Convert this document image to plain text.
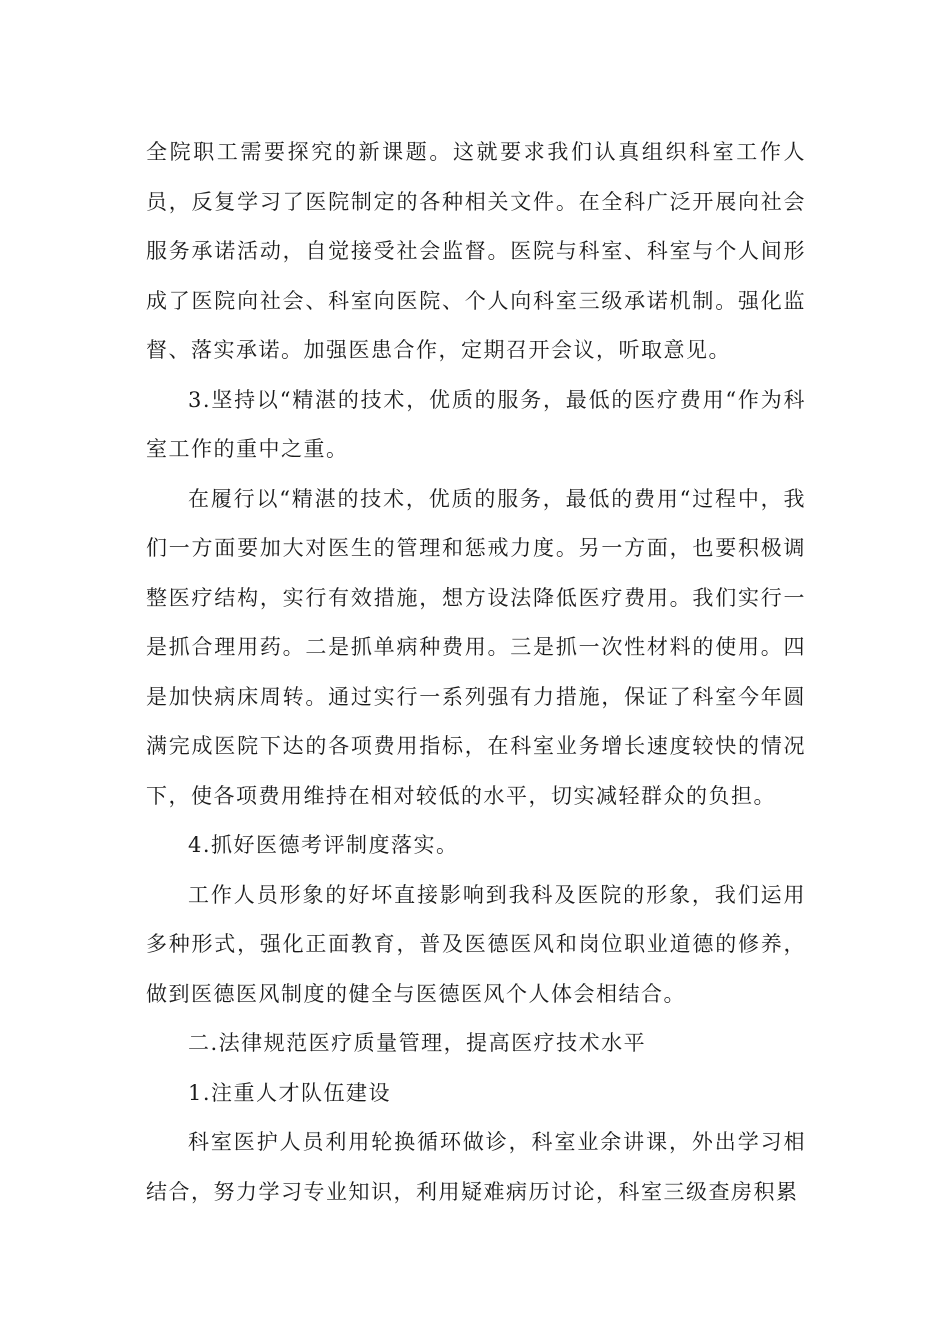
全院职工需要探究的新课题。这就要求我们认真组织科室工作人员，反复学习了医院制定的各种相关文件。在全科广泛开展向社会服务承诺活动，自觉接受社会监督。医院与科室、科室与个人间形成了医院向社会、科室向医院、个人向科室三级承诺机制。强化监督、落实承诺。加强医患合作，定期召开会议，听取意见。

3.坚持以“精湛的技术，优质的服务，最低的医疗费用“作为科室工作的重中之重。

在履行以“精湛的技术，优质的服务，最低的费用“过程中，我们一方面要加大对医生的管理和惩戒力度。另一方面，也要积极调整医疗结构，实行有效措施，想方设法降低医疗费用。我们实行一是抓合理用药。二是抓单病种费用。三是抓一次性材料的使用。四是加快病床周转。通过实行一系列强有力措施，保证了科室今年圆满完成医院下达的各项费用指标，在科室业务增长速度较快的情况下，使各项费用维持在相对较低的水平，切实减轻群众的负担。

4.抓好医德考评制度落实。

工作人员形象的好坏直接影响到我科及医院的形象，我们运用多种形式，强化正面教育，普及医德医风和岗位职业道德的修养，做到医德医风制度的健全与医德医风个人体会相结合。

二.法律规范医疗质量管理，提高医疗技术水平

1.注重人才队伍建设

科室医护人员利用轮换循环做诊，科室业余讲课，外出学习相结合，努力学习专业知识，利用疑难病历讨论，科室三级查房积累
